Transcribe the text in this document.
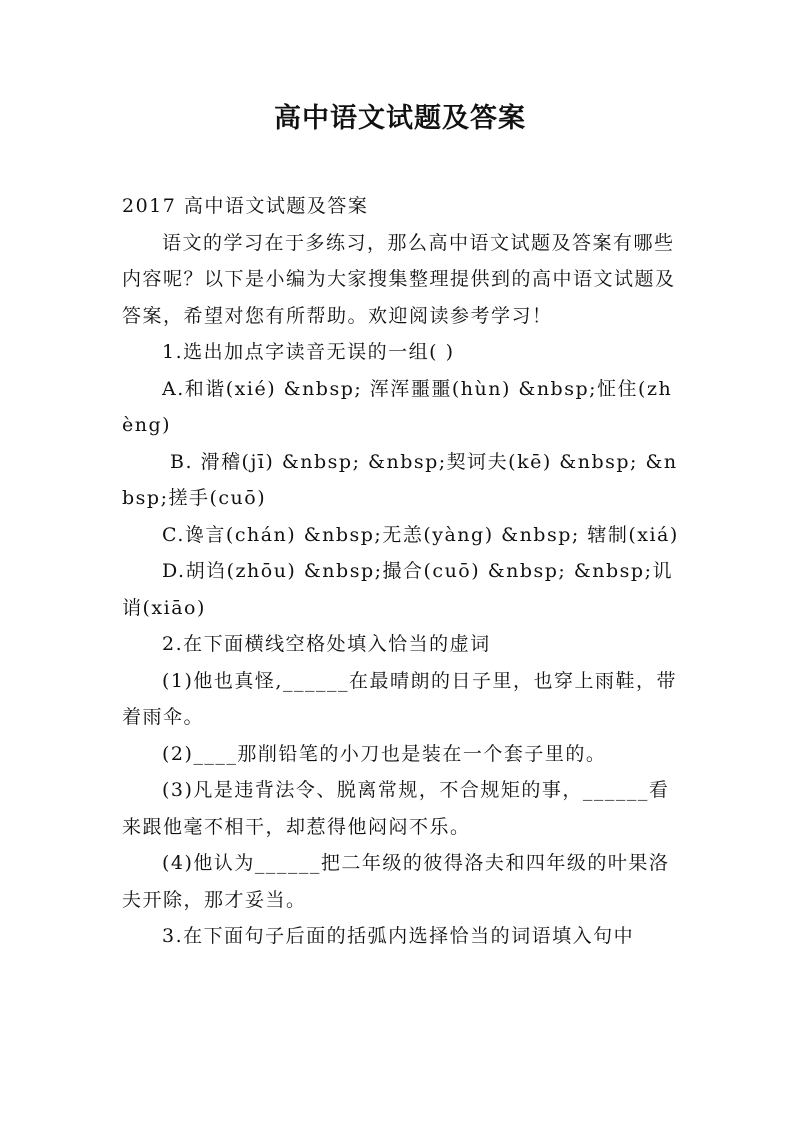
高中语文试题及答案

2017 高中语文试题及答案

语文的学习在于多练习，那么高中语文试题及答案有哪些内容呢？以下是小编为大家搜集整理提供到的高中语文试题及答案，希望对您有所帮助。欢迎阅读参考学习！

1.选出加点字读音无误的一组( )

A.和谐(xié) &nbsp; 浑浑噩噩(hùn) &nbsp;怔住(zhèng)

B. 滑稽(jī) &nbsp; &nbsp;契诃夫(kē) &nbsp; &nbsp;搓手(cuō)

C.谗言(chán) &nbsp;无恙(yàng) &nbsp; 辖制(xiá)

D.胡诌(zhōu) &nbsp;撮合(cuō) &nbsp; &nbsp;讥诮(xiāo)

2.在下面横线空格处填入恰当的虚词

(1)他也真怪,______在最晴朗的日子里，也穿上雨鞋，带着雨伞。

(2)____那削铅笔的小刀也是装在一个套子里的。

(3)凡是违背法令、脱离常规，不合规矩的事，______看来跟他毫不相干，却惹得他闷闷不乐。

(4)他认为______把二年级的彼得洛夫和四年级的叶果洛夫开除，那才妥当。

3.在下面句子后面的括弧内选择恰当的词语填入句中
